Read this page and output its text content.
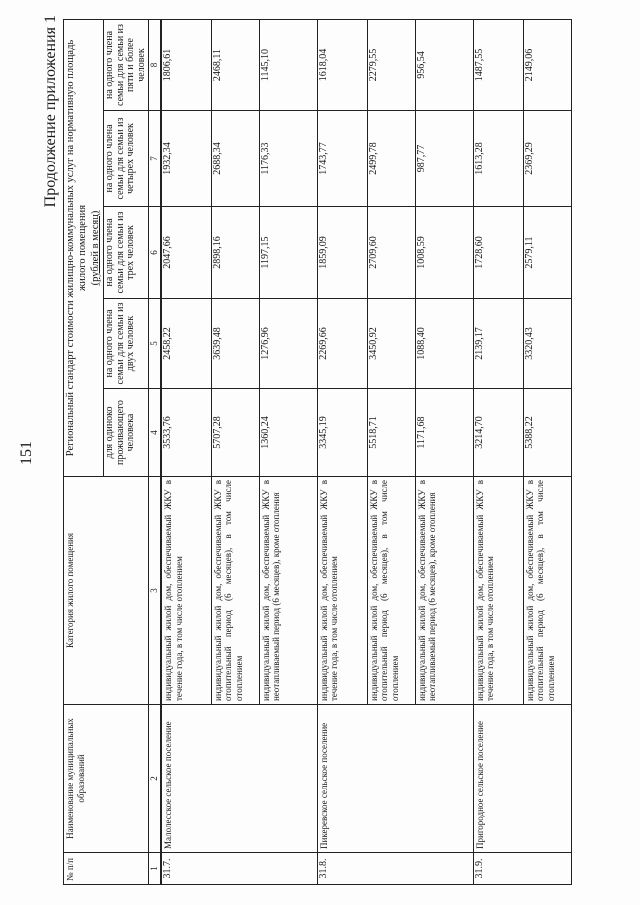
151
Продолжение приложения 1
№ п/п	Наименование муниципальных образований	Категория жилого помещения	Региональный стандарт стоимости жилищно-коммунальных услуг на нормативную площадь жилого помещения				
			(рублей в месяц)				
			для одиноко проживающего человека	на одного члена семьи для семьи из двух человек	на одного члена семьи для семьи из трех человек	на одного члена семьи для семьи из четырех человек	на одного члена семьи для семьи из пяти и более человек
1	2	3	4	5	6	7	8
31.7.	Малолесское сельское поселение	индивидуальный жилой дом, обеспечиваемый ЖКУ в течение года, в том числе отоплением	3533,76	2458,22	2047,66	1932,34	1806,61
		индивидуальный жилой дом, обеспечиваемый ЖКУ в отопительный период (6 месяцев), в том числе отоплением	5707,28	3639,48	2898,16	2688,34	2468,11
		индивидуальный жилой дом, обеспечиваемый ЖКУ в неотапливаемый период (6 месяцев), кроме отопления	1360,24	1276,96	1197,15	1176,33	1145,10
31.8.	Пикеревское сельское поселение	индивидуальный жилой дом, обеспечиваемый ЖКУ в течение года, в том числе отоплением	3345,19	2269,66	1859,09	1743,77	1618,04
		индивидуальный жилой дом, обеспечиваемый ЖКУ в отопительный период (6 месяцев), в том числе отоплением	5518,71	3450,92	2709,60	2499,78	2279,55
		индивидуальный жилой дом, обеспечиваемый ЖКУ в неотапливаемый период (6 месяцев), кроме отопления	1171,68	1088,40	1008,59	987,77	956,54
31.9.	Пригородное сельское поселение	индивидуальный жилой дом, обеспечиваемый ЖКУ в течение года, в том числе отоплением	3214,70	2139,17	1728,60	1613,28	1487,55
		индивидуальный жилой дом, обеспечиваемый ЖКУ в отопительный период (6 месяцев), в том числе отоплением	5388,22	3320,43	2579,11	2369,29	2149,06
